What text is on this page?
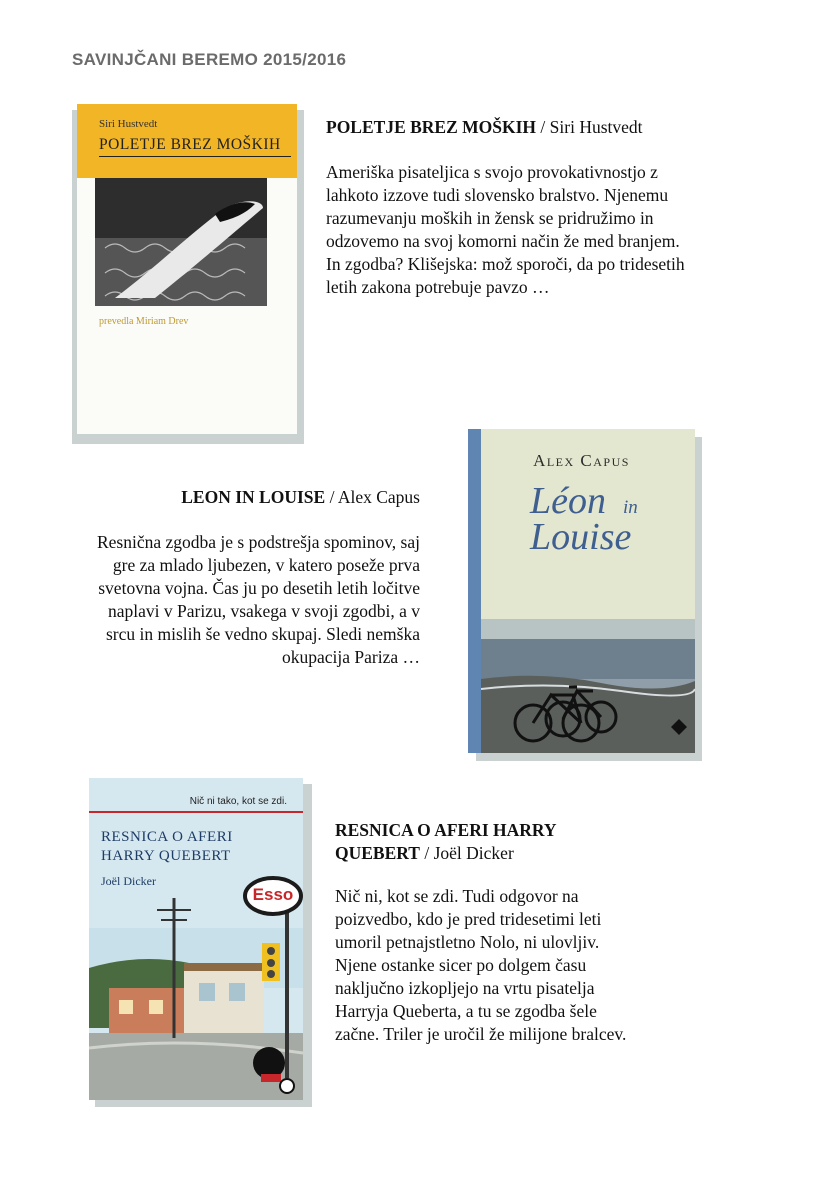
SAVINJČANI BEREMO 2015/2016
Siri Hustvedt
POLETJE BREZ MOŠKIH
prevedla Miriam Drev
POLETJE BREZ MOŠKIH / Siri Hustvedt

Ameriška pisateljica s svojo provokativnostjo z lahkoto izzove tudi slovensko bralstvo. Njenemu razumevanju moških in žensk se pridružimo in odzovemo na svoj komorni način že med branjem. In zgodba? Klišejska: mož sporoči, da po tridesetih letih zakona potrebuje pavzo …

LEON IN LOUISE / Alex Capus

Resnična zgodba je s podstrešja spominov, saj gre za mlado ljubezen, v katero poseže prva svetovna vojna. Čas ju po desetih letih ločitve naplavi v Parizu, vsakega v svoji zgodbi, a v srcu in mislih še vedno skupaj. Sledi nemška okupacija Pariza …

Alex Capus
Léon in
Louise
Nič ni tako, kot se zdi.
RESNICA O AFERI
HARRY QUEBERT
Joël Dicker
Esso
RESNICA O AFERI HARRY
QUEBERT / Joël Dicker

Nič ni, kot se zdi. Tudi odgovor na poizvedbo, kdo je pred tridesetimi leti umoril petnajstletno Nolo, ni ulovljiv. Njene ostanke sicer po dolgem času naključno izkopljejo na vrtu pisatelja Harryja Queberta, a tu se zgodba šele začne. Triler je uročil že milijone bralcev.
